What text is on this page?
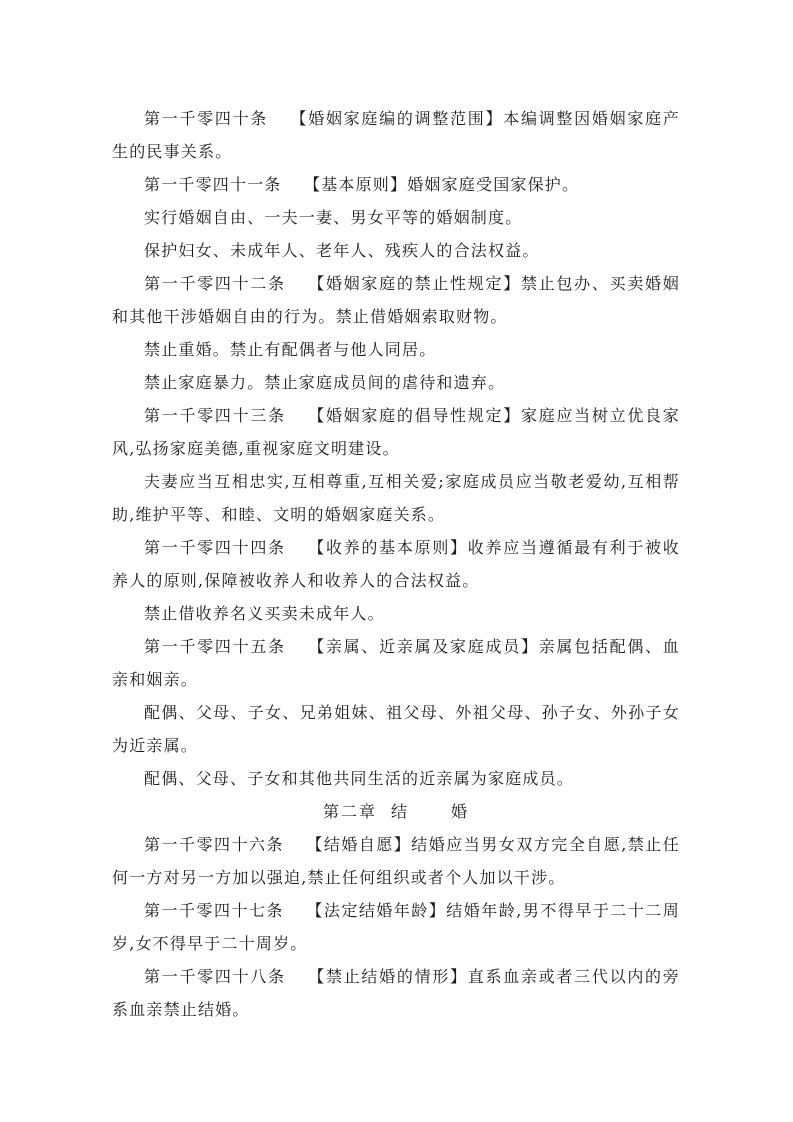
第一千零四十条 【婚姻家庭编的调整范围】本编调整因婚姻家庭产生的民事关系。

第一千零四十一条 【基本原则】婚姻家庭受国家保护。

实行婚姻自由、一夫一妻、男女平等的婚姻制度。

保护妇女、未成年人、老年人、残疾人的合法权益。

第一千零四十二条 【婚姻家庭的禁止性规定】禁止包办、买卖婚姻和其他干涉婚姻自由的行为。禁止借婚姻索取财物。

禁止重婚。禁止有配偶者与他人同居。

禁止家庭暴力。禁止家庭成员间的虐待和遗弃。

第一千零四十三条 【婚姻家庭的倡导性规定】家庭应当树立优良家风,弘扬家庭美德,重视家庭文明建设。

夫妻应当互相忠实,互相尊重,互相关爱;家庭成员应当敬老爱幼,互相帮助,维护平等、和睦、文明的婚姻家庭关系。

第一千零四十四条 【收养的基本原则】收养应当遵循最有利于被收养人的原则,保障被收养人和收养人的合法权益。

禁止借收养名义买卖未成年人。

第一千零四十五条 【亲属、近亲属及家庭成员】亲属包括配偶、血亲和姻亲。

配偶、父母、子女、兄弟姐妹、祖父母、外祖父母、孙子女、外孙子女为近亲属。

配偶、父母、子女和其他共同生活的近亲属为家庭成员。

第二章 结	婚

第一千零四十六条 【结婚自愿】结婚应当男女双方完全自愿,禁止任何一方对另一方加以强迫,禁止任何组织或者个人加以干涉。

第一千零四十七条 【法定结婚年龄】结婚年龄,男不得早于二十二周岁,女不得早于二十周岁。

第一千零四十八条 【禁止结婚的情形】直系血亲或者三代以内的旁系血亲禁止结婚。
